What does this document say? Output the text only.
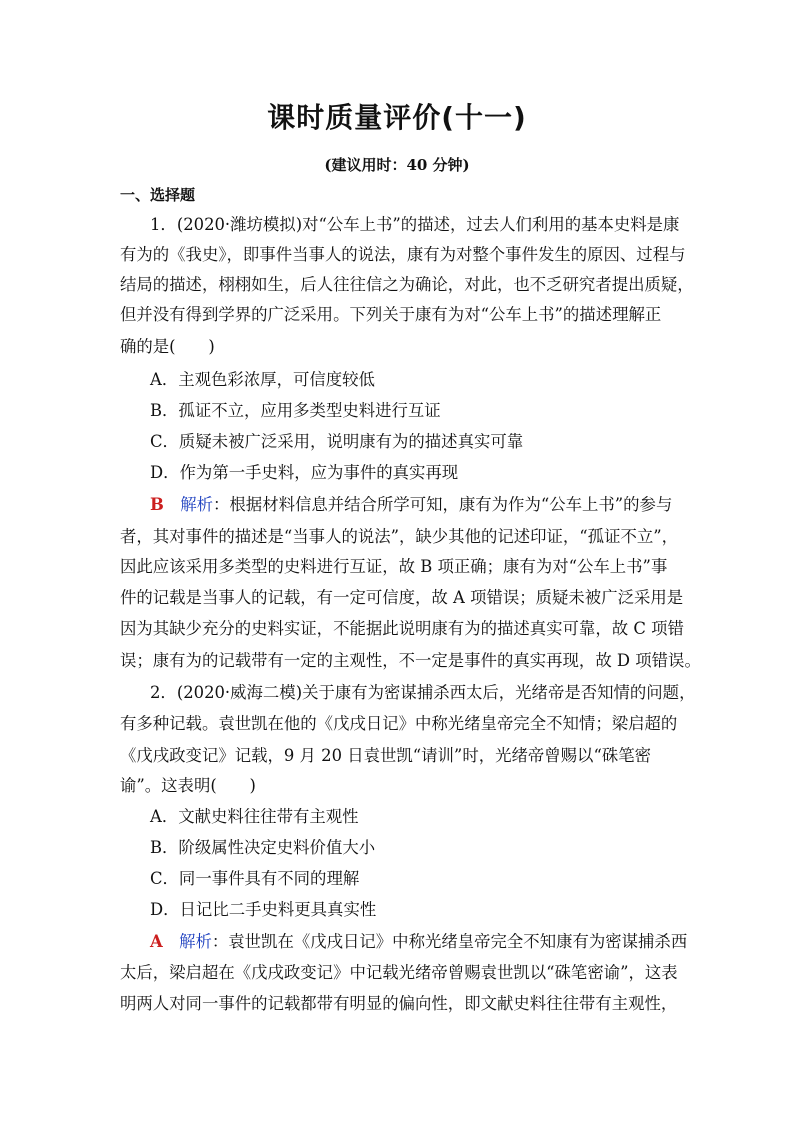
课时质量评价(十一)
(建议用时：40 分钟)
一、选择题
1．(2020·潍坊模拟)对“公车上书”的描述，过去人们利用的基本史料是康
有为的《我史》，即事件当事人的说法，康有为对整个事件发生的原因、过程与
结局的描述，栩栩如生，后人往往信之为确论，对此，也不乏研究者提出质疑，
但并没有得到学界的广泛采用。下列关于康有为对“公车上书”的描述理解正
确的是(　　)
A．主观色彩浓厚，可信度较低
B．孤证不立，应用多类型史料进行互证
C．质疑未被广泛采用，说明康有为的描述真实可靠
D．作为第一手史料，应为事件的真实再现
B　 解析：根据材料信息并结合所学可知，康有为作为“公车上书”的参与
者，其对事件的描述是“当事人的说法”，缺少其他的记述印证，“孤证不立”，
因此应该采用多类型的史料进行互证，故 B 项正确；康有为对“公车上书”事
件的记载是当事人的记载，有一定可信度，故 A 项错误；质疑未被广泛采用是
因为其缺少充分的史料实证，不能据此说明康有为的描述真实可靠，故 C 项错
误；康有为的记载带有一定的主观性，不一定是事件的真实再现，故 D 项错误。
2．(2020·威海二模)关于康有为密谋捕杀西太后，光绪帝是否知情的问题，
有多种记载。袁世凯在他的《戊戌日记》中称光绪皇帝完全不知情；梁启超的
《戊戌政变记》记载，9 月 20 日袁世凯“请训”时，光绪帝曾赐以“硃笔密
谕”。这表明(　　)
A．文献史料往往带有主观性
B．阶级属性决定史料价值大小
C．同一事件具有不同的理解
D．日记比二手史料更具真实性
A　 解析：袁世凯在《戊戌日记》中称光绪皇帝完全不知康有为密谋捕杀西
太后，梁启超在《戊戌政变记》中记载光绪帝曾赐袁世凯以“硃笔密谕”，这表
明两人对同一事件的记载都带有明显的偏向性，即文献史料往往带有主观性，
